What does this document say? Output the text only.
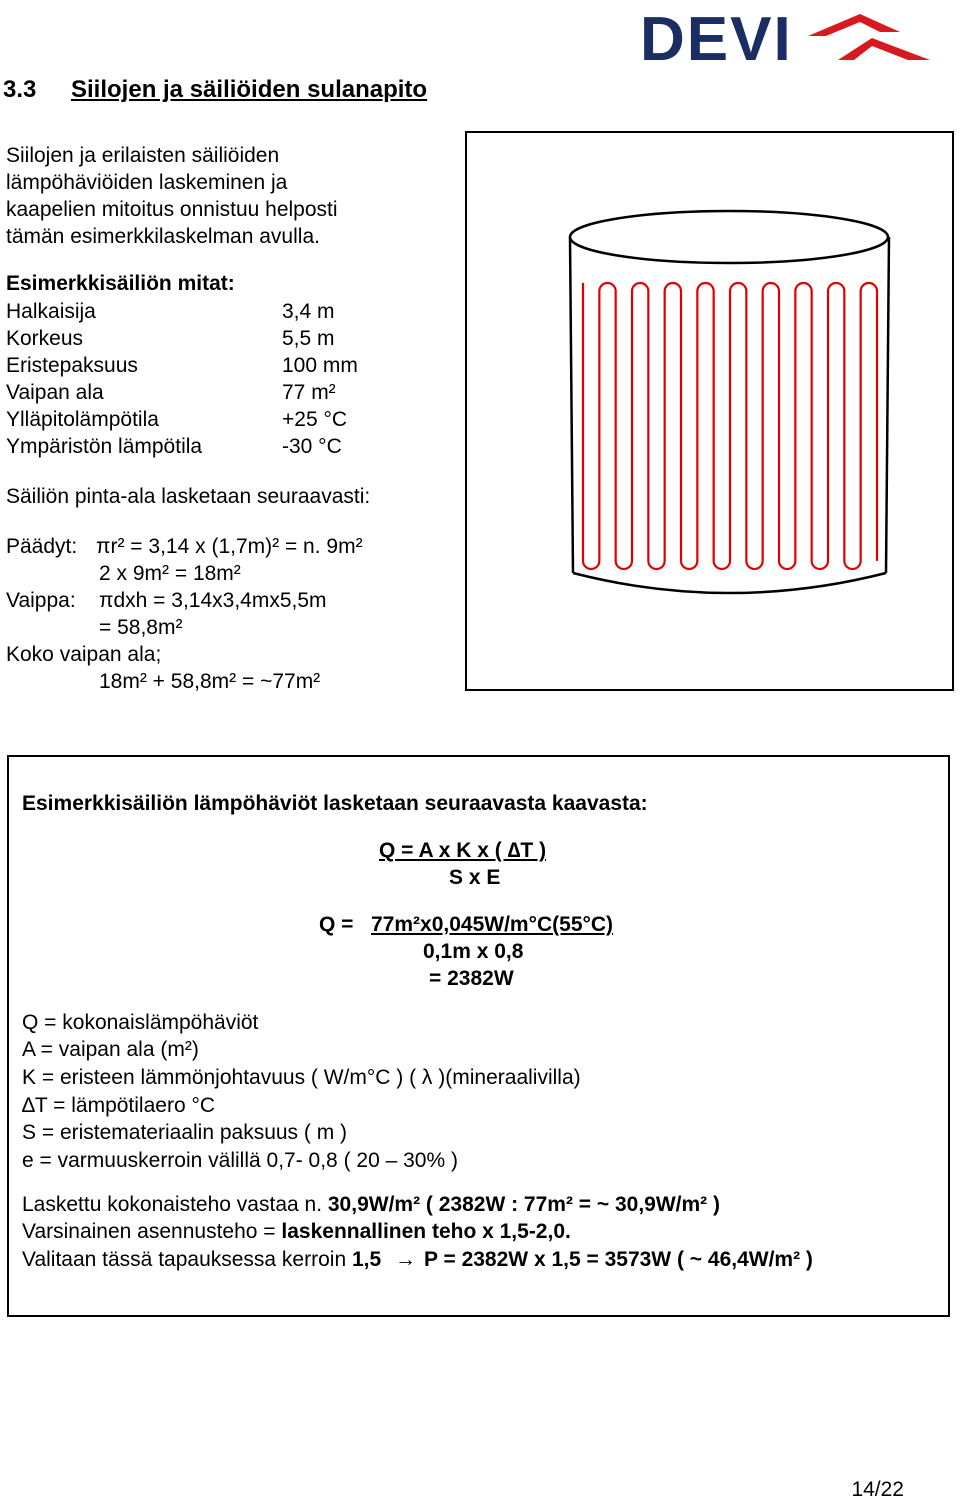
DEVI
3.3 Siilojen ja säiliöiden sulanapito
Siilojen ja erilaisten säiliöiden
lämpöhäviöiden laskeminen ja
kaapelien mitoitus onnistuu helposti
tämän esimerkkilaskelman avulla.
Esimerkkisäiliön mitat:
Halkaisija	3,4 m
Korkeus	5,5 m
Eristepaksuus	100 mm
Vaipan ala	77 m²
Ylläpitolämpötila	+25 °C
Ympäristön lämpötila	-30 °C
Säiliön pinta-ala lasketaan seuraavasti:
Päädyt: πr² = 3,14 x (1,7m)² = n. 9m²
2 x 9m² = 18m²
Vaippa: πdxh = 3,14x3,4mx5,5m
= 58,8m²
Koko vaipan ala;
18m² + 58,8m² = ~77m²
Esimerkkisäiliön lämpöhäviöt lasketaan seuraavasta kaavasta:
Q = A x K x ( ∆T )
S x E
Q = 77m²x0,045W/m°C(55°C)
0,1m x 0,8
= 2382W
Q = kokonaislämpöhäviöt
A = vaipan ala (m²)
K = eristeen lämmönjohtavuus ( W/m°C ) ( λ )(mineraalivilla)
∆T = lämpötilaero °C
S = eristemateriaalin paksuus ( m )
e = varmuuskerroin välillä 0,7- 0,8 ( 20 – 30% )
Laskettu kokonaisteho vastaa n. 30,9W/m² ( 2382W : 77m² = ~ 30,9W/m² )
Varsinainen asennusteho = laskennallinen teho x 1,5-2,0.
Valitaan tässä tapauksessa kerroin 1,5 → P = 2382W x 1,5 = 3573W ( ~ 46,4W/m² )
14/22
